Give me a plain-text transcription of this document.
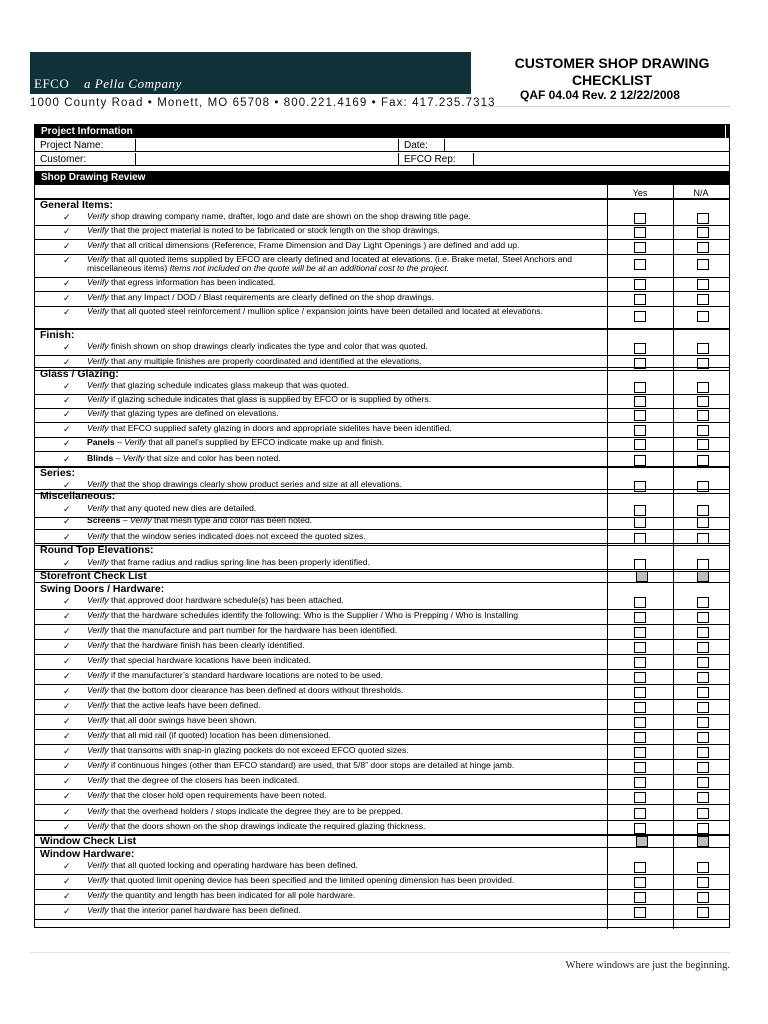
EFCO a Pella Company
1000 County Road • Monett, MO 65708 • 800.221.4169 • Fax: 417.235.7313
CUSTOMER SHOP DRAWING
CHECKLIST
QAF 04.04 Rev. 2 12/22/2008
Project Information
Project Name:	Date:
Customer:	EFCO Rep:
Shop Drawing Review
Yes	N/A
General Items:
✓ Verify shop drawing company name, drafter, logo and date are shown on the shop drawing title page.
✓ Verify that the project material is noted to be fabricated or stock length on the shop drawings.
✓ Verify that all critical dimensions (Reference, Frame Dimension and Day Light Openings ) are defined and add up.
✓ Verify that all quoted items supplied by EFCO are clearly defined and located at elevations. (i.e. Brake metal, Steel Anchors and miscellaneous items) Items not included on the quote will be at an additional cost to the project.
✓ Verify that egress information has been indicated.
✓ Verify that any Impact / DOD / Blast requirements are clearly defined on the shop drawings.
✓ Verify that all quoted steel reinforcement / mullion splice / expansion joints have been detailed and located at elevations.
Finish:
✓ Verify finish shown on shop drawings clearly indicates the type and color that was quoted.
✓ Verify that any multiple finishes are properly coordinated and identified at the elevations.
Glass / Glazing:
✓ Verify that glazing schedule indicates glass makeup that was quoted.
✓ Verify if glazing schedule indicates that glass is supplied by EFCO or is supplied by others.
✓ Verify that glazing types are defined on elevations.
✓ Verify that EFCO supplied safety glazing in doors and appropriate sidelites have been identified.
✓ Panels – Verify that all panel’s supplied by EFCO indicate make up and finish.
✓ Blinds – Verify that size and color has been noted.
Series:
✓ Verify that the shop drawings clearly show product series and size at all elevations.
Miscellaneous:
✓ Verify that any quoted new dies are detailed.
✓ Screens – Verify that mesh type and color has been noted.
✓ Verify that the window series indicated does not exceed the quoted sizes.
Round Top Elevations:
✓ Verify that frame radius and radius spring line has been properly identified.
Storefront Check List
Swing Doors / Hardware:
✓ Verify that approved door hardware schedule(s) has been attached.
✓ Verify that the hardware schedules identify the following: Who is the Supplier / Who is Prepping / Who is Installing
✓ Verify that the manufacture and part number for the hardware has been identified.
✓ Verify that the hardware finish has been clearly identified.
✓ Verify that special hardware locations have been indicated.
✓ Verify if the manufacturer’s standard hardware locations are noted to be used.
✓ Verify that the bottom door clearance has been defined at doors without thresholds.
✓ Verify that the active leafs have been defined.
✓ Verify that all door swings have been shown.
✓ Verify that all mid rail (if quoted) location has been dimensioned.
✓ Verify that transoms with snap-in glazing pockets do not exceed EFCO quoted sizes.
✓ Verify if continuous hinges (other than EFCO standard) are used, that 5/8” door stops are detailed at hinge jamb.
✓ Verify that the degree of the closers has been indicated.
✓ Verify that the closer hold open requirements have been noted.
✓ Verify that the overhead holders / stops indicate the degree they are to be prepped.
✓ Verify that the doors shown on the shop drawings indicate the required glazing thickness.
Window Check List
Window Hardware:
✓ Verify that all quoted locking and operating hardware has been defined.
✓ Verify that quoted limit opening device has been specified and the limited opening dimension has been provided.
✓ Verify the quantity and length has been indicated for all pole hardware.
✓ Verify that the interior panel hardware has been defined.
Where windows are just the beginning.
